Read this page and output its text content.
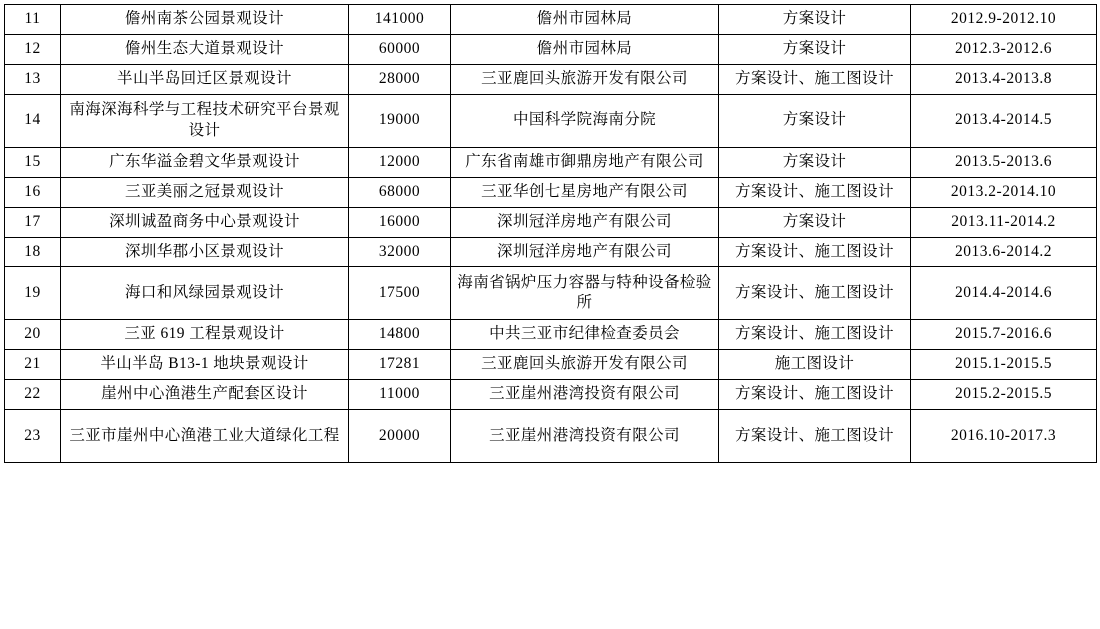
11	儋州南茶公园景观设计	141000	儋州市园林局	方案设计	2012.9-2012.10
12	儋州生态大道景观设计	60000	儋州市园林局	方案设计	2012.3-2012.6
13	半山半岛回迁区景观设计	28000	三亚鹿回头旅游开发有限公司	方案设计、施工图设计	2013.4-2013.8
14	南海深海科学与工程技术研究平台景观设计	19000	中国科学院海南分院	方案设计	2013.4-2014.5
15	广东华溢金碧文华景观设计	12000	广东省南雄市御鼎房地产有限公司	方案设计	2013.5-2013.6
16	三亚美丽之冠景观设计	68000	三亚华创七星房地产有限公司	方案设计、施工图设计	2013.2-2014.10
17	深圳诚盈商务中心景观设计	16000	深圳冠洋房地产有限公司	方案设计	2013.11-2014.2
18	深圳华郡小区景观设计	32000	深圳冠洋房地产有限公司	方案设计、施工图设计	2013.6-2014.2
19	海口和风绿园景观设计	17500	海南省锅炉压力容器与特种设备检验所	方案设计、施工图设计	2014.4-2014.6
20	三亚 619 工程景观设计	14800	中共三亚市纪律检查委员会	方案设计、施工图设计	2015.7-2016.6
21	半山半岛 B13-1 地块景观设计	17281	三亚鹿回头旅游开发有限公司	施工图设计	2015.1-2015.5
22	崖州中心渔港生产配套区设计	11000	三亚崖州港湾投资有限公司	方案设计、施工图设计	2015.2-2015.5
23	三亚市崖州中心渔港工业大道绿化工程	20000	三亚崖州港湾投资有限公司	方案设计、施工图设计	2016.10-2017.3
